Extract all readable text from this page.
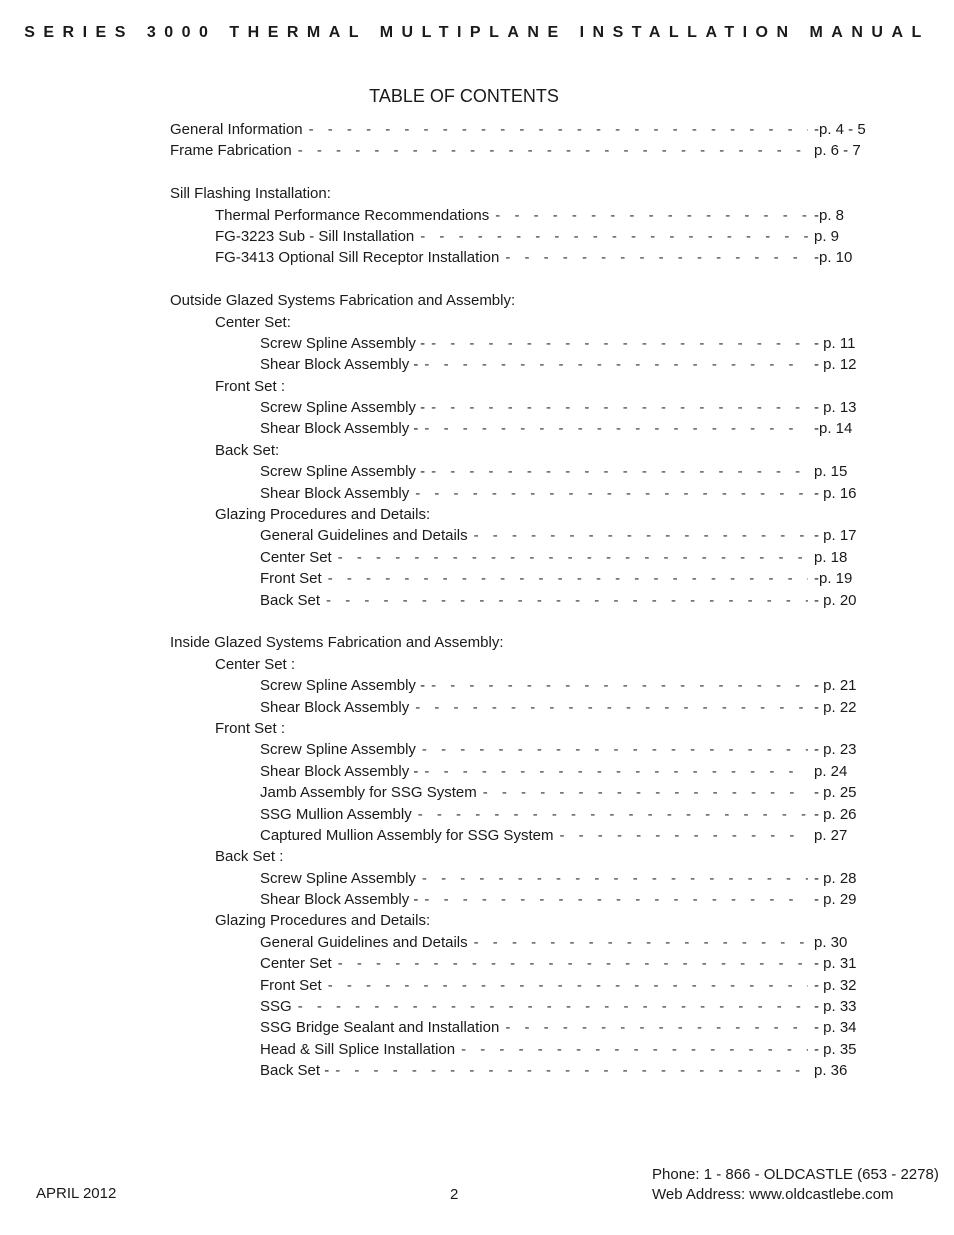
SERIES 3000 THERMAL MULTIPLANE INSTALLATION MANUAL
TABLE OF CONTENTS
General Information - - -	-p. 4 - 5
Frame Fabrication - - -	p. 6 - 7
Sill Flashing Installation:
Thermal Performance Recommendations - - -	-p. 8
FG-3223 Sub - Sill Installation - - -	p. 9
FG-3413 Optional Sill Receptor Installation - - -	-p. 10
Outside Glazed Systems Fabrication and Assembly:
Center Set:
Screw Spline Assembly - - - -	- p. 11
Shear Block Assembly - - - -	- p. 12
Front Set :
Screw Spline Assembly - - - -	- p. 13
Shear Block Assembly - - - -	-p. 14
Back Set:
Screw Spline Assembly - - - -	p. 15
Shear Block Assembly - - -	- p. 16
Glazing Procedures and Details:
General Guidelines and Details - - -	- p. 17
Center Set - - -	p. 18
Front Set - - -	-p. 19
Back Set - - -	- p. 20
Inside Glazed Systems Fabrication and Assembly:
Center Set :
Screw Spline Assembly - - - -	- p. 21
Shear Block Assembly - - -	- p. 22
Front Set :
Screw Spline Assembly - - -	- p. 23
Shear Block Assembly - - - -	p. 24
Jamb Assembly for SSG System - - -	- p. 25
SSG Mullion Assembly - - -	- p. 26
Captured Mullion Assembly for SSG System - - -	p. 27
Back Set :
Screw Spline Assembly - - -	- p. 28
Shear Block Assembly - - - -	- p. 29
Glazing Procedures and Details:
General Guidelines and Details - - -	p. 30
Center Set - - -	- p. 31
Front Set - - -	- p. 32
SSG - - -	- p. 33
SSG Bridge Sealant and Installation - - -	- p. 34
Head & Sill Splice Installation - - -	- p. 35
Back Set - - - -	p. 36
APRIL 2012	2
Phone: 1 - 866 - OLDCASTLE (653 - 2278)
Web Address: www.oldcastlebe.com
